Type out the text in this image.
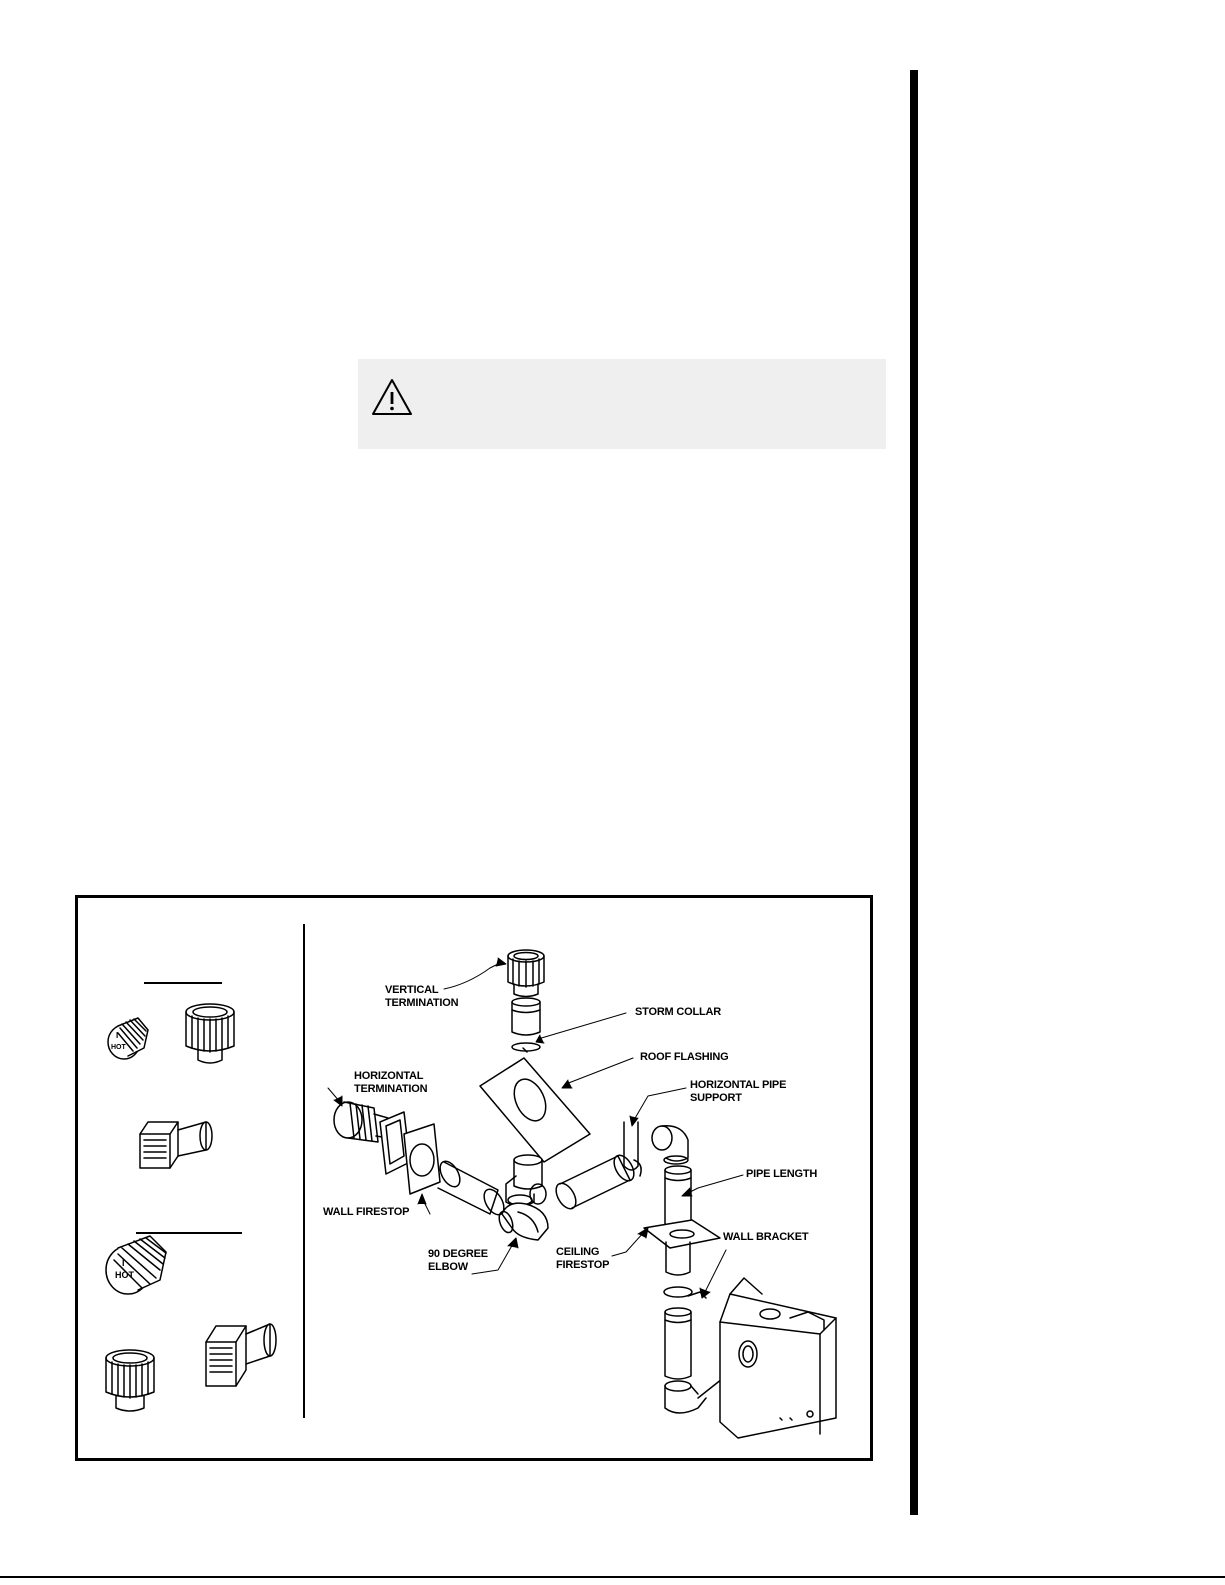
I
HOT
I
HOT
VERTICAL
TERMINATION
STORM COLLAR
ROOF FLASHING
HORIZONTAL
TERMINATION	HORIZONTAL PIPE
SUPPORT
PIPE LENGTH
WALL FIRESTOP
CEILING
FIRESTOP
WALL BRACKET
90 DEGREE
ELBOW
